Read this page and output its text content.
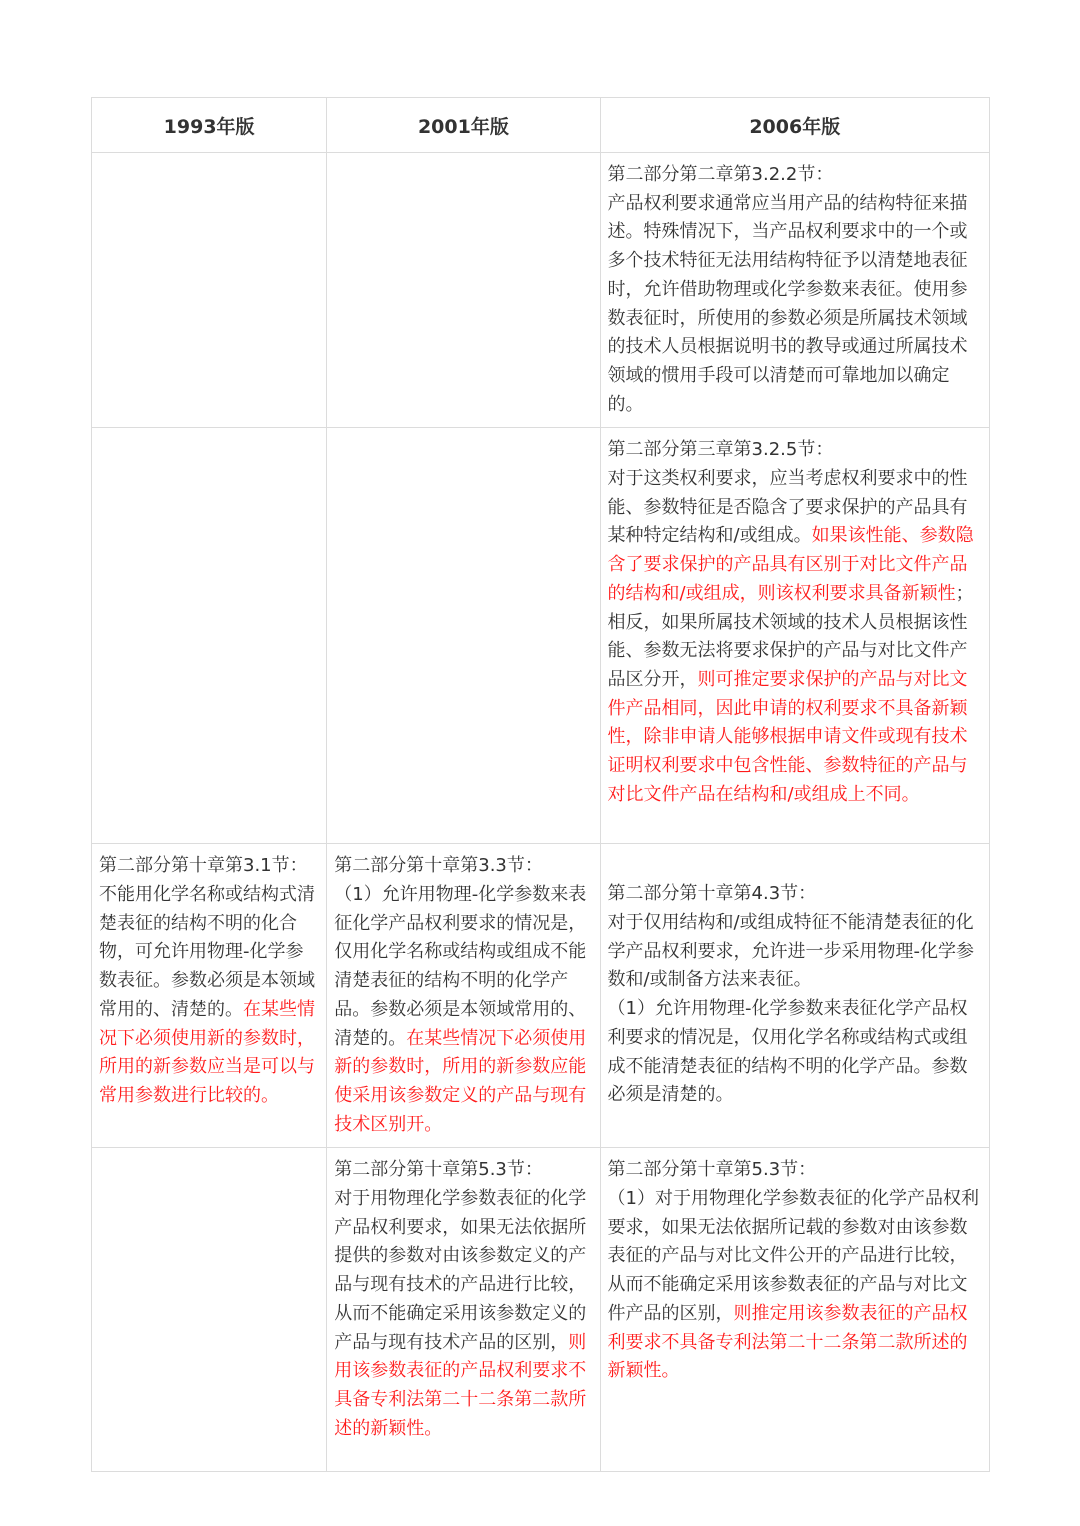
1993年版	2001年版	2006年版

		第二部分第二章第3.2.2节：
产品权利要求通常应当用产品的结构特征来描述。特殊情况下，当产品权利要求中的一个或多个技术特征无法用结构特征予以清楚地表征时，允许借助物理或化学参数来表征。使用参数表征时，所使用的参数必须是所属技术领域的技术人员根据说明书的教导或通过所属技术领域的惯用手段可以清楚而可靠地加以确定的。

		第二部分第三章第3.2.5节：
对于这类权利要求，应当考虑权利要求中的性能、参数特征是否隐含了要求保护的产品具有某种特定结构和/或组成。如果该性能、参数隐含了要求保护的产品具有区别于对比文件产品的结构和/或组成，则该权利要求具备新颖性；相反，如果所属技术领域的技术人员根据该性能、参数无法将要求保护的产品与对比文件产品区分开，则可推定要求保护的产品与对比文件产品相同，因此申请的权利要求不具备新颖性，除非申请人能够根据申请文件或现有技术证明权利要求中包含性能、参数特征的产品与对比文件产品在结构和/或组成上不同。

第二部分第十章第3.1节：
不能用化学名称或结构式清楚表征的结构不明的化合物，可允许用物理-化学参数表征。参数必须是本领域常用的、清楚的。在某些情况下必须使用新的参数时，所用的新参数应当是可以与常用参数进行比较的。	第二部分第十章第3.3节：
（1）允许用物理-化学参数来表征化学产品权利要求的情况是，仅用化学名称或结构或组成不能清楚表征的结构不明的化学产品。参数必须是本领域常用的、清楚的。在某些情况下必须使用新的参数时，所用的新参数应能使采用该参数定义的产品与现有技术区别开。	第二部分第十章第4.3节：
对于仅用结构和/或组成特征不能清楚表征的化学产品权利要求，允许进一步采用物理-化学参数和/或制备方法来表征。
（1）允许用物理-化学参数来表征化学产品权利要求的情况是，仅用化学名称或结构式或组成不能清楚表征的结构不明的化学产品。参数必须是清楚的。

	第二部分第十章第5.3节：
对于用物理化学参数表征的化学产品权利要求，如果无法依据所提供的参数对由该参数定义的产品与现有技术的产品进行比较，从而不能确定采用该参数定义的产品与现有技术产品的区别，则用该参数表征的产品权利要求不具备专利法第二十二条第二款所述的新颖性。	第二部分第十章第5.3节：
（1）对于用物理化学参数表征的化学产品权利要求，如果无法依据所记载的参数对由该参数表征的产品与对比文件公开的产品进行比较，从而不能确定采用该参数表征的产品与对比文件产品的区别，则推定用该参数表征的产品权利要求不具备专利法第二十二条第二款所述的新颖性。
